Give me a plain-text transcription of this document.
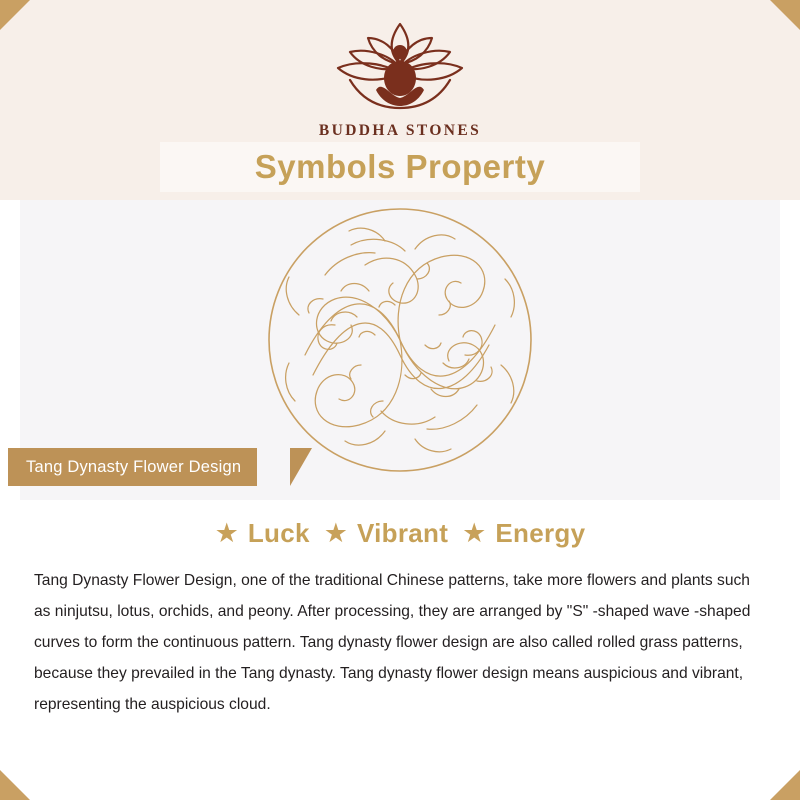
BUDDHA STONES
Symbols Property
Tang Dynasty Flower Design
★ Luck ★ Vibrant ★ Energy
Tang Dynasty Flower Design, one of the traditional Chinese patterns, take more flowers and plants such as ninjutsu, lotus, orchids, and peony. After processing, they are arranged by "S" -shaped wave -shaped curves to form the continuous pattern. Tang dynasty flower design are also called rolled grass patterns, because they prevailed in the Tang dynasty. Tang dynasty flower design means auspicious and vibrant, representing the auspicious cloud.
